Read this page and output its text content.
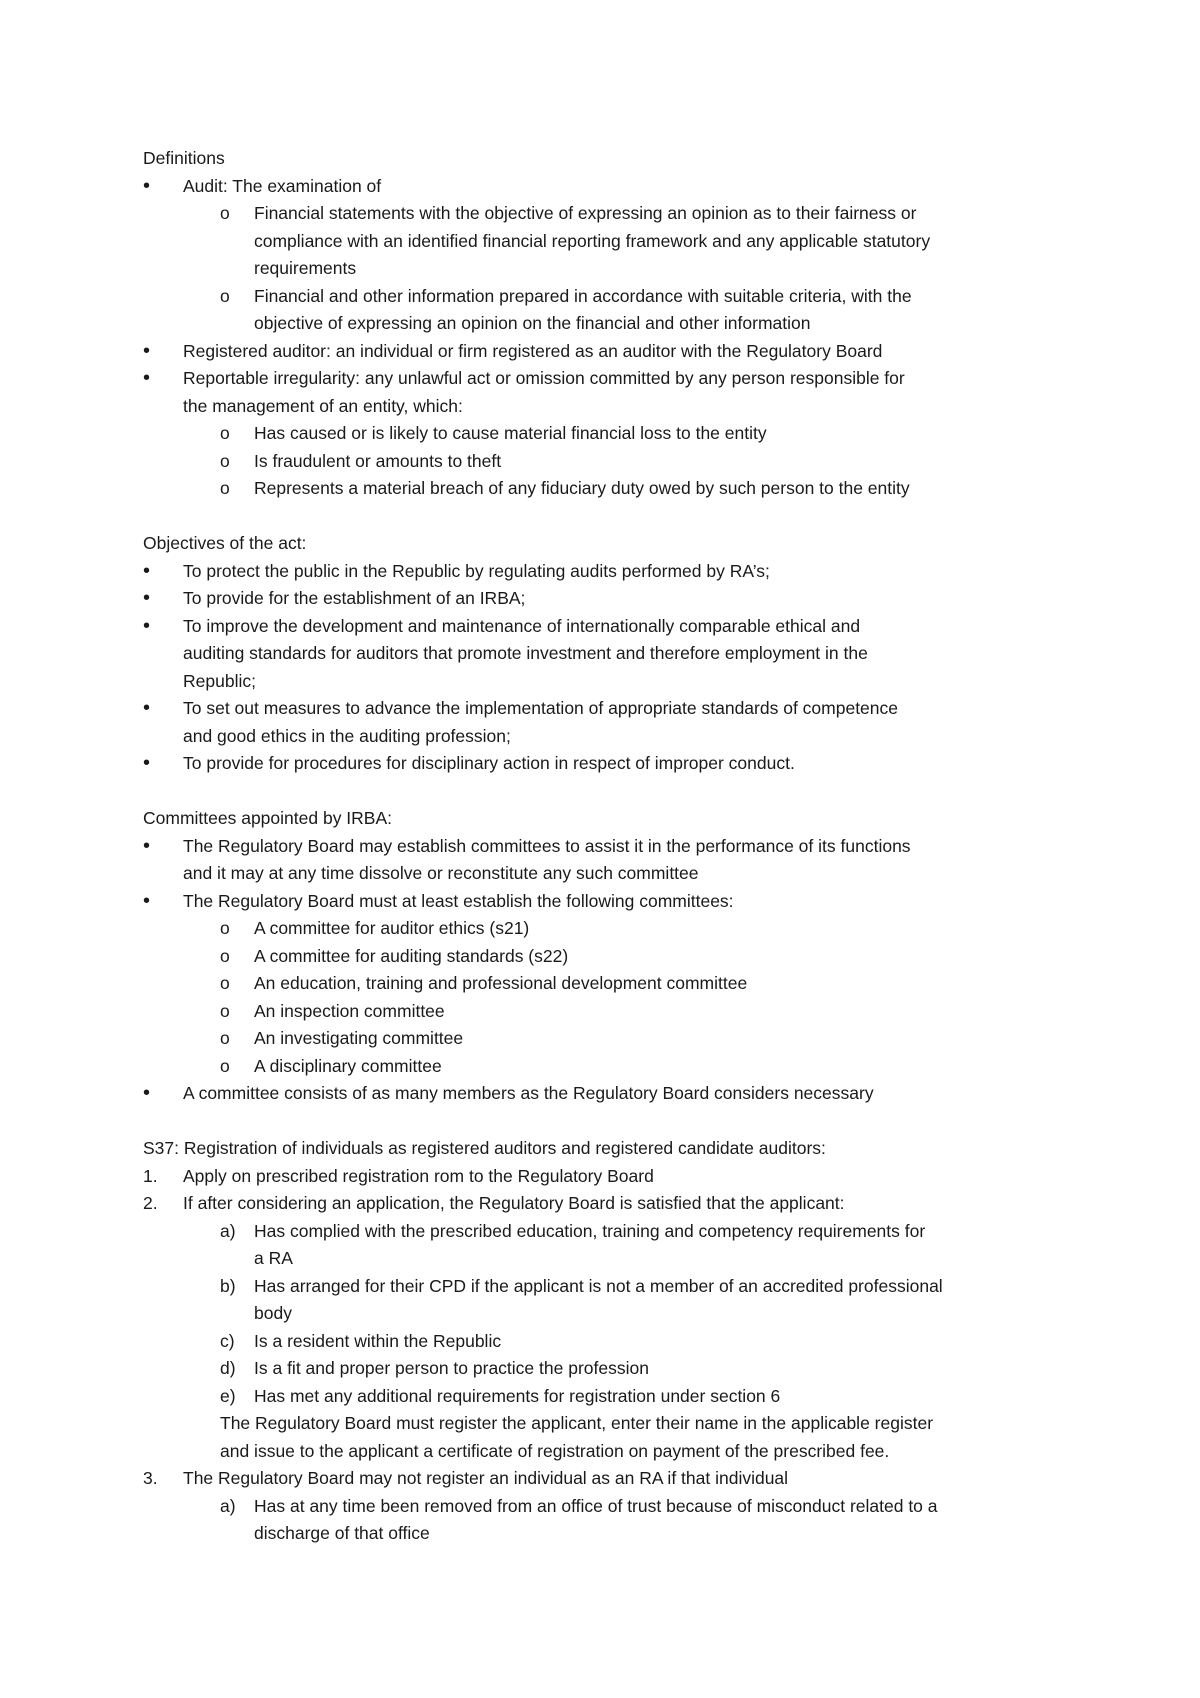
Definitions
• Audit: The examination of
o Financial statements with the objective of expressing an opinion as to their fairness or
compliance with an identified financial reporting framework and any applicable statutory
requirements
o Financial and other information prepared in accordance with suitable criteria, with the
objective of expressing an opinion on the financial and other information
• Registered auditor: an individual or firm registered as an auditor with the Regulatory Board
• Reportable irregularity: any unlawful act or omission committed by any person responsible for
the management of an entity, which:
o Has caused or is likely to cause material financial loss to the entity
o Is fraudulent or amounts to theft
o Represents a material breach of any fiduciary duty owed by such person to the entity
Objectives of the act:
• To protect the public in the Republic by regulating audits performed by RA’s;
• To provide for the establishment of an IRBA;
• To improve the development and maintenance of internationally comparable ethical and
auditing standards for auditors that promote investment and therefore employment in the
Republic;
• To set out measures to advance the implementation of appropriate standards of competence
and good ethics in the auditing profession;
• To provide for procedures for disciplinary action in respect of improper conduct.
Committees appointed by IRBA:
• The Regulatory Board may establish committees to assist it in the performance of its functions
and it may at any time dissolve or reconstitute any such committee
• The Regulatory Board must at least establish the following committees:
o A committee for auditor ethics (s21)
o A committee for auditing standards (s22)
o An education, training and professional development committee
o An inspection committee
o An investigating committee
o A disciplinary committee
• A committee consists of as many members as the Regulatory Board considers necessary
S37: Registration of individuals as registered auditors and registered candidate auditors:
1. Apply on prescribed registration rom to the Regulatory Board
2. If after considering an application, the Regulatory Board is satisfied that the applicant:
a) Has complied with the prescribed education, training and competency requirements for
a RA
b) Has arranged for their CPD if the applicant is not a member of an accredited professional
body
c) Is a resident within the Republic
d) Is a fit and proper person to practice the profession
e) Has met any additional requirements for registration under section 6
The Regulatory Board must register the applicant, enter their name in the applicable register
and issue to the applicant a certificate of registration on payment of the prescribed fee.
3. The Regulatory Board may not register an individual as an RA if that individual
a) Has at any time been removed from an office of trust because of misconduct related to a
discharge of that office
